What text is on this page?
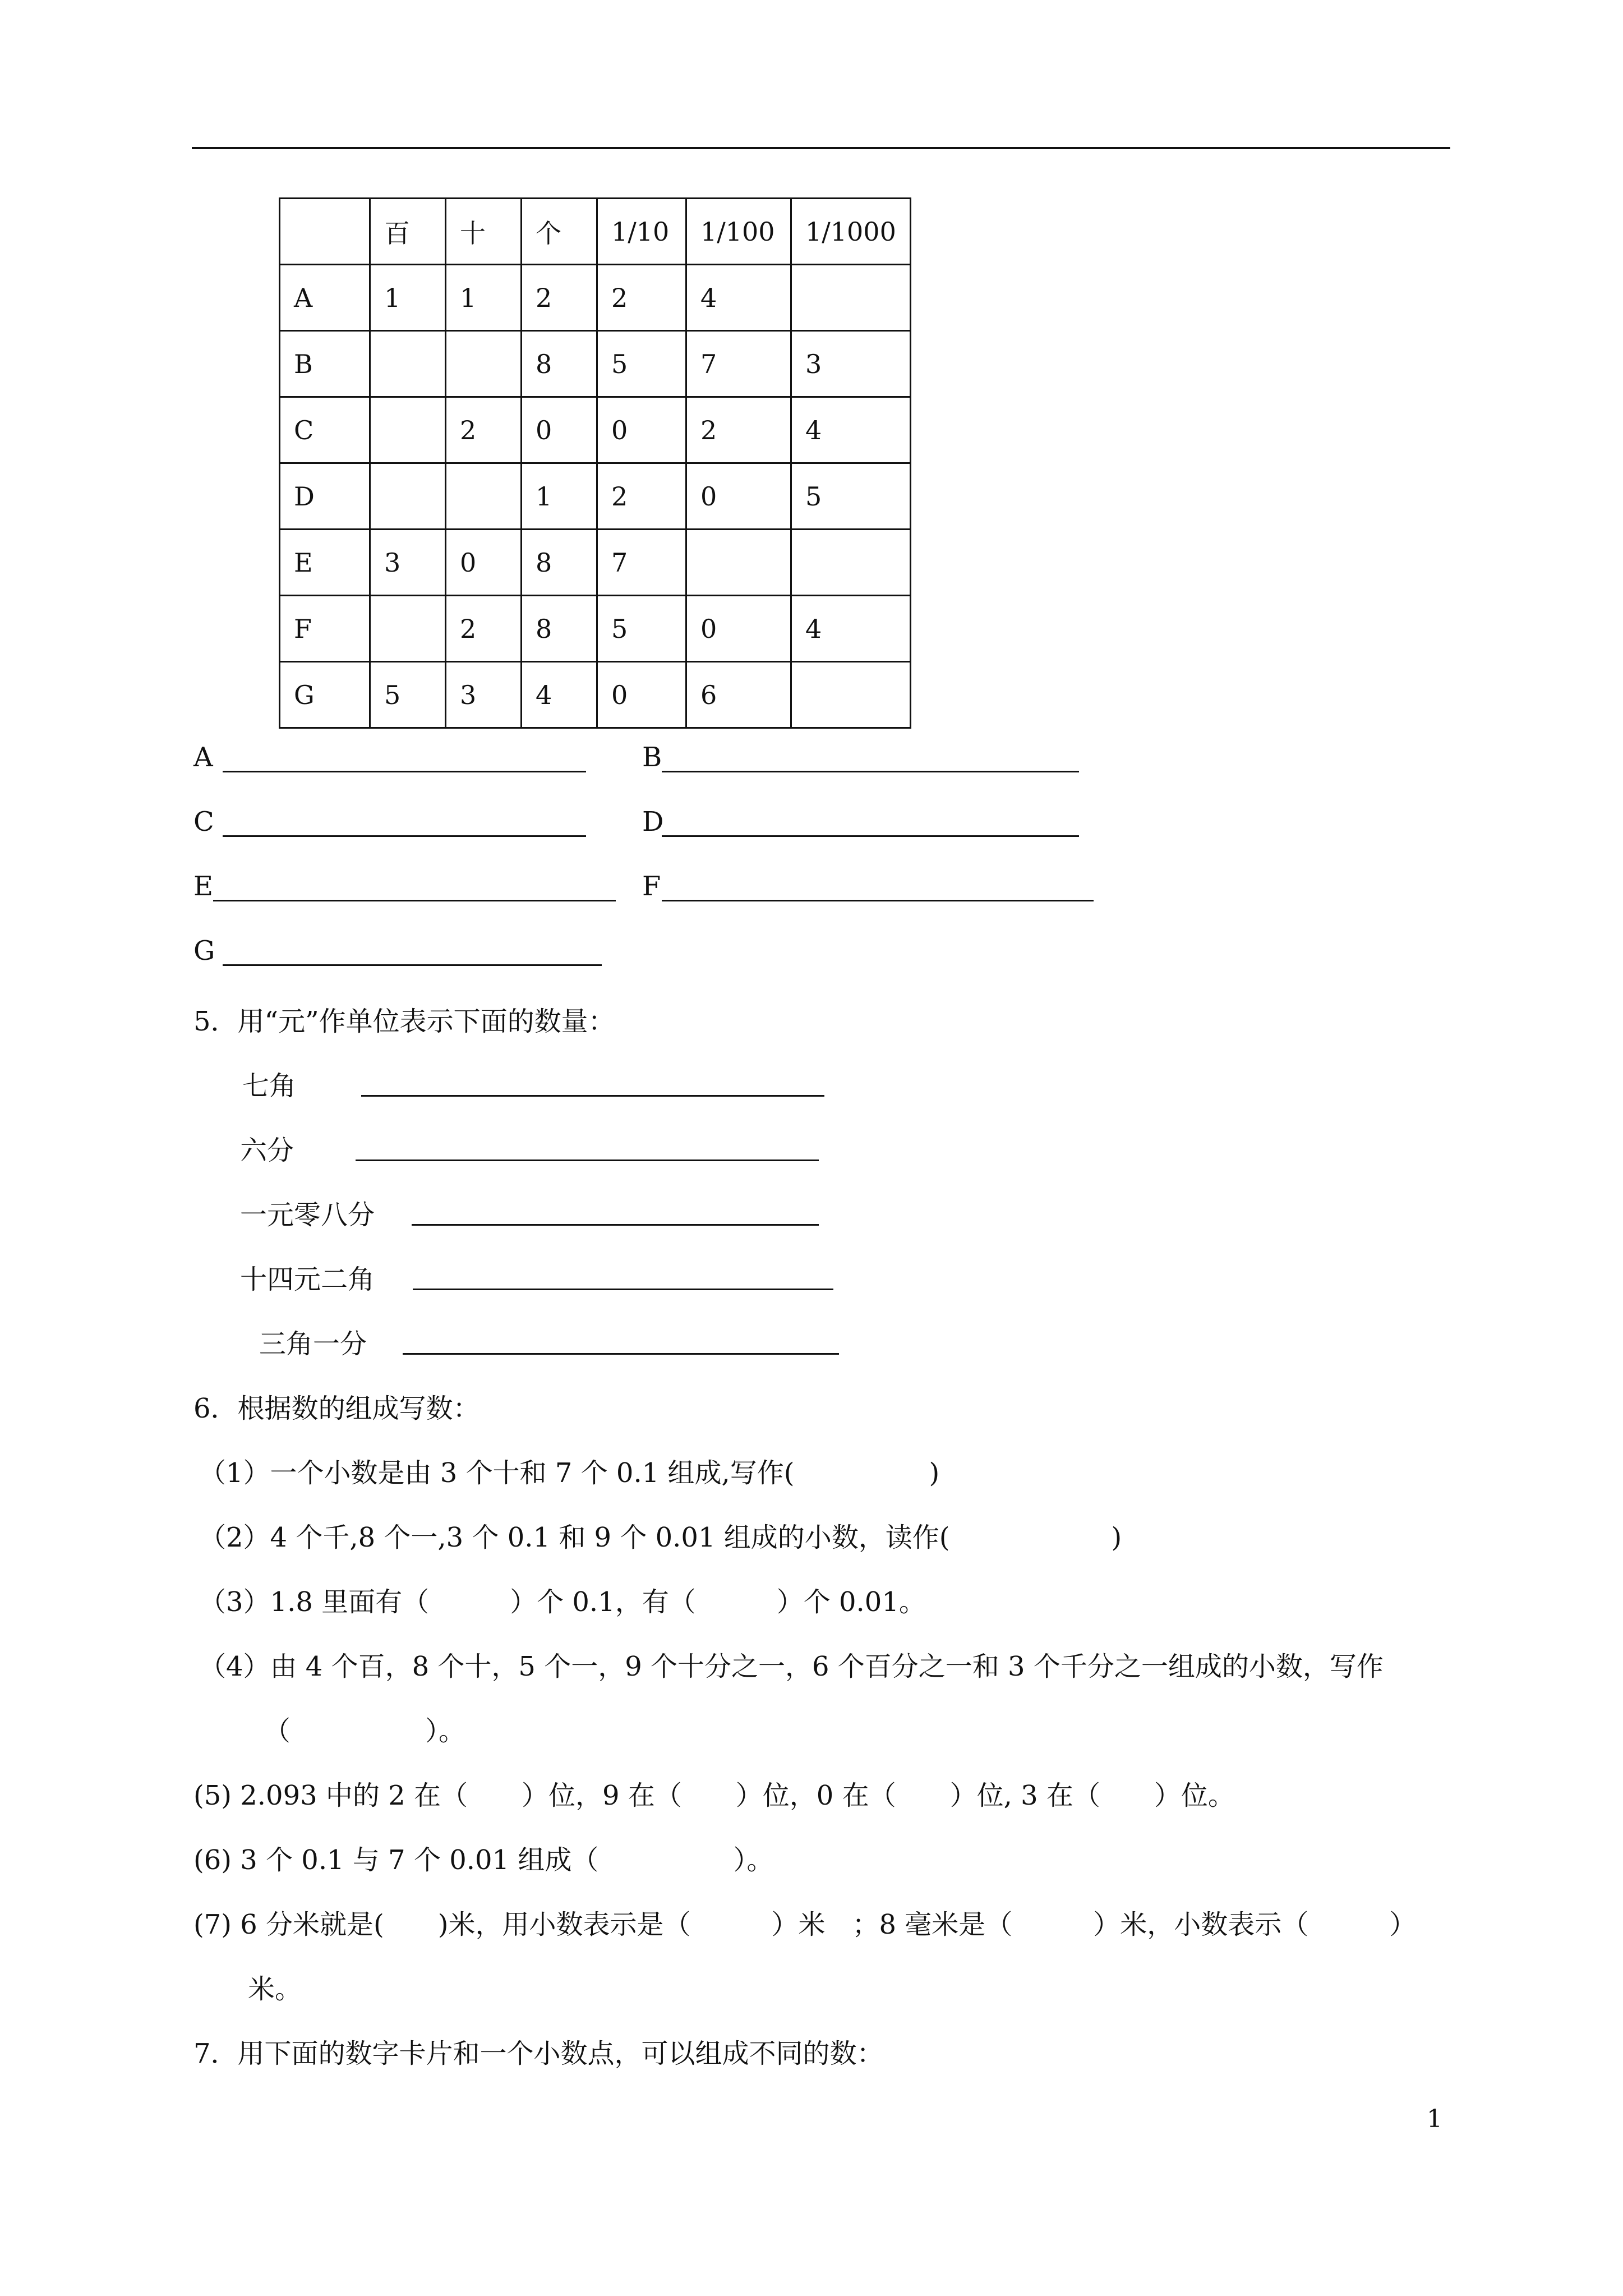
	百	十	个	1/10	1/100	1/1000
A	1	1	2	2	4	
B			8	5	7	3
C		2	0	0	2	4
D			1	2	0	5
E	3	0	8	7		
F		2	8	5	0	4
G	5	3	4	0	6	
A	B
C	D
E	F
G
5．用“元”作单位表示下面的数量：
七角
六分
一元零八分
十四元二角
三角一分
6．根据数的组成写数：
（1）一个小数是由 3 个十和 7 个 0.1 组成,写作(　　　　　)
（2）4 个千,8 个一,3 个 0.1 和 9 个 0.01 组成的小数，读作(　　　　　　)
（3）1.8 里面有（　　　）个 0.1，有（　　　）个 0.01。
（4）由 4 个百，8 个十，5 个一，9 个十分之一，6 个百分之一和 3 个千分之一组成的小数，写作
（　　　　　）。
(5) 2.093 中的 2 在（　　）位，9 在（　　）位，0 在（　　）位, 3 在（　　）位。
(6) 3 个 0.1 与 7 个 0.01 组成（　　　　　）。
(7) 6 分米就是(　　)米，用小数表示是（　　　）米　；8 毫米是（　　　）米，小数表示（　　　）
米。
7．用下面的数字卡片和一个小数点，可以组成不同的数：
1
